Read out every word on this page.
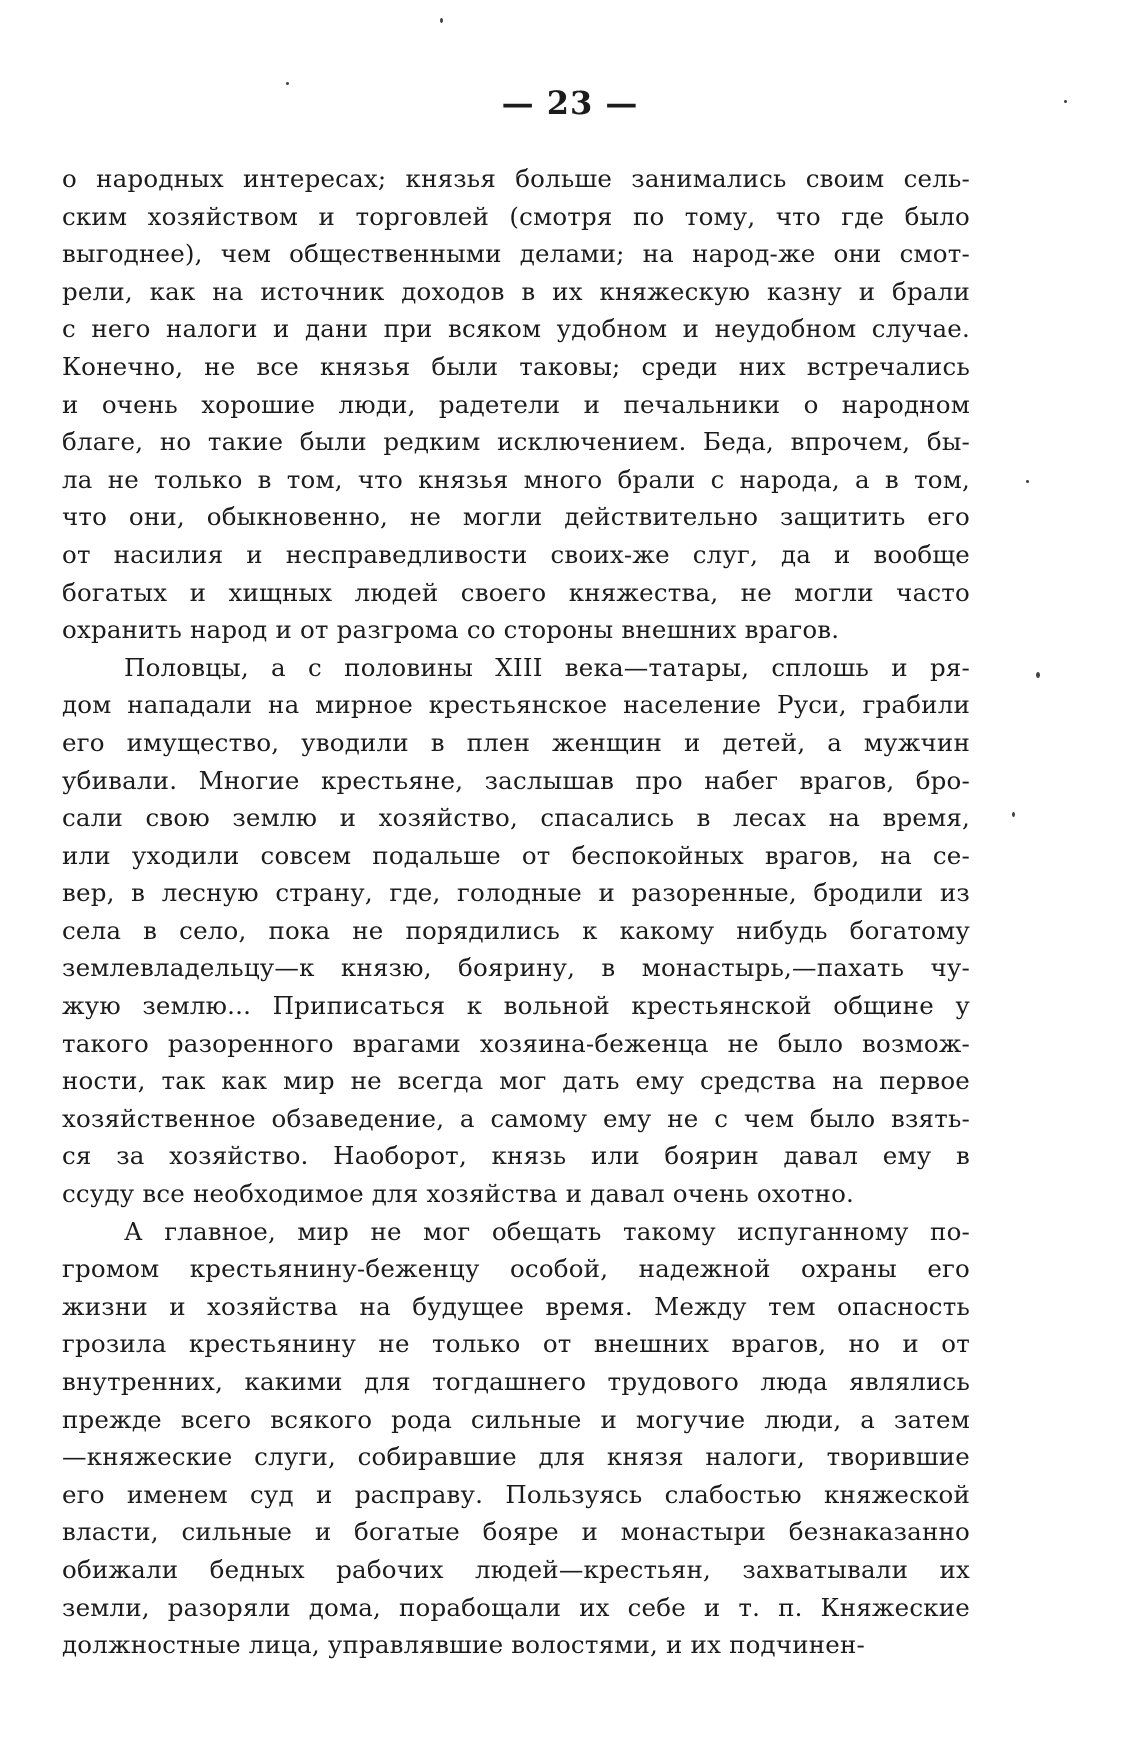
— 23 —
о народных интересах; князья больше занимались своим сель-
ским хозяйством и торговлей (смотря по тому, что где было
выгоднее), чем общественными делами; на народ-же они смот-
рели, как на источник доходов в их княжескую казну и брали
с него налоги и дани при всяком удобном и неудобном случае.
Конечно, не все князья были таковы; среди них встречались
и очень хорошие люди, радетели и печальники о народном
благе, но такие были редким исключением. Беда, впрочем, бы-
ла не только в том, что князья много брали с народа, а в том,
что они, обыкновенно, не могли действительно защитить его
от насилия и несправедливости своих-же слуг, да и вообще
богатых и хищных людей своего княжества, не могли часто
охранить народ и от разгрома со стороны внешних врагов.
Половцы, а с половины XIII века—татары, сплошь и ря-
дом нападали на мирное крестьянское население Руси, грабили
его имущество, уводили в плен женщин и детей, а мужчин
убивали. Многие крестьяне, заслышав про набег врагов, бро-
сали свою землю и хозяйство, спасались в лесах на время,
или уходили совсем подальше от беспокойных врагов, на се-
вер, в лесную страну, где, голодные и разоренные, бродили из
села в село, пока не порядились к какому нибудь богатому
землевладельцу—к князю, боярину, в монастырь,—пахать чу-
жую землю... Приписаться к вольной крестьянской общине у
такого разоренного врагами хозяина-беженца не было возмож-
ности, так как мир не всегда мог дать ему средства на первое
хозяйственное обзаведение, а самому ему не с чем было взять-
ся за хозяйство. Наоборот, князь или боярин давал ему в
ссуду все необходимое для хозяйства и давал очень охотно.
А главное, мир не мог обещать такому испуганному по-
громом крестьянину-беженцу особой, надежной охраны его
жизни и хозяйства на будущее время. Между тем опасность
грозила крестьянину не только от внешних врагов, но и от
внутренних, какими для тогдашнего трудового люда являлись
прежде всего всякого рода сильные и могучие люди, а затем
—княжеские слуги, собиравшие для князя налоги, творившие
его именем суд и расправу. Пользуясь слабостью княжеской
власти, сильные и богатые бояре и монастыри безнаказанно
обижали бедных рабочих людей—крестьян, захватывали их
земли, разоряли дома, порабощали их себе и т. п. Княжеские
должностные лица, управлявшие волостями, и их подчинен-
